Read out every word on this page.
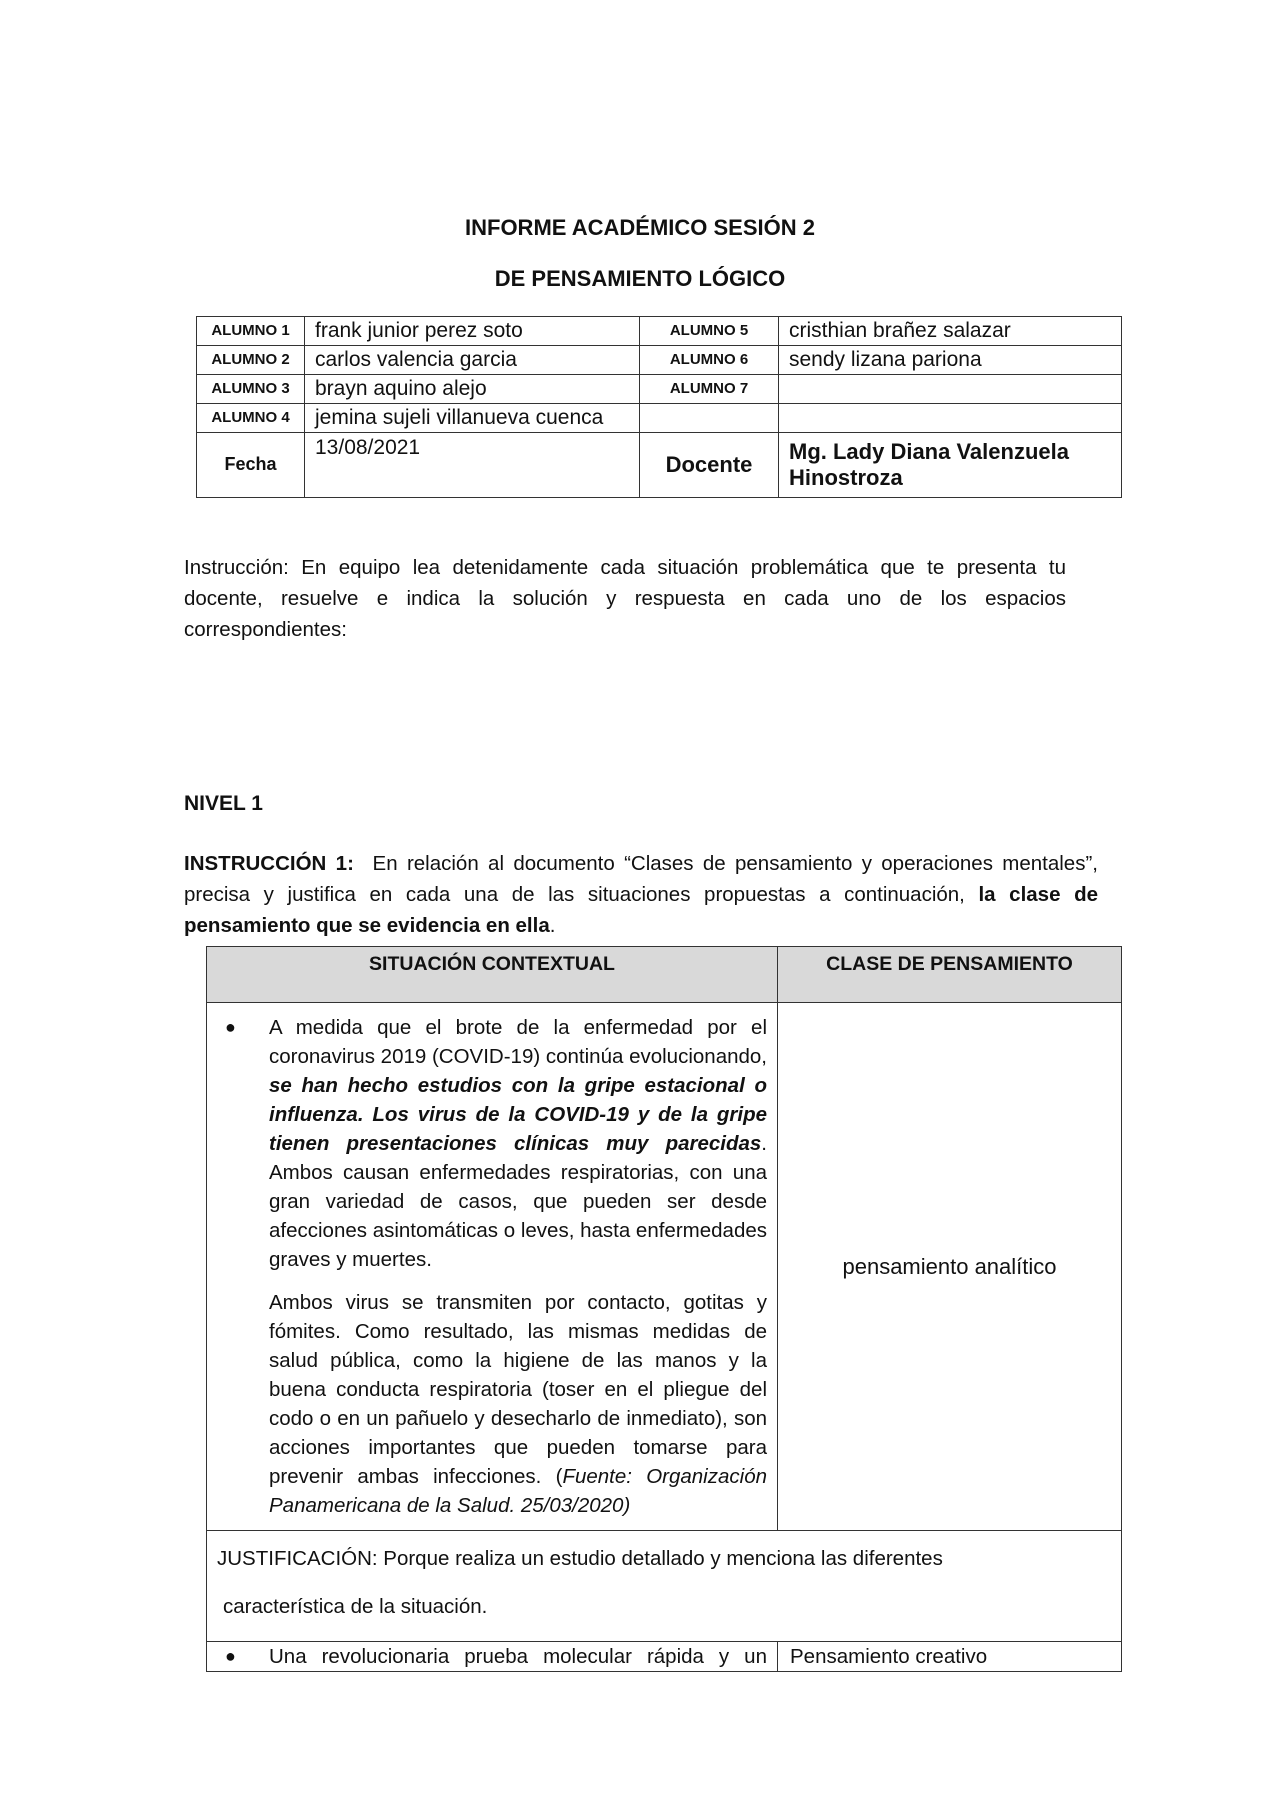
INFORME ACADÉMICO SESIÓN 2
DE PENSAMIENTO LÓGICO
ALUMNO 1	frank junior perez soto	ALUMNO 5	cristhian brañez salazar
ALUMNO 2	carlos valencia garcia	ALUMNO 6	sendy lizana pariona
ALUMNO 3	brayn aquino alejo	ALUMNO 7	
ALUMNO 4	jemina sujeli villanueva cuenca		
Fecha	13/08/2021	Docente	Mg. Lady Diana Valenzuela Hinostroza
Instrucción: En equipo lea detenidamente cada situación problemática que te presenta tu docente, resuelve e indica la solución y respuesta en cada uno de los espacios correspondientes:
NIVEL 1
INSTRUCCIÓN 1: En relación al documento “Clases de pensamiento y operaciones mentales”, precisa y justifica en cada una de las situaciones propuestas a continuación, la clase de pensamiento que se evidencia en ella.
SITUACIÓN CONTEXTUAL	CLASE DE PENSAMIENTO

● A medida que el brote de la enfermedad por el coronavirus 2019 (COVID-19) continúa evolucionando, se han hecho estudios con la gripe estacional o influenza. Los virus de la COVID-19 y de la gripe tienen presentaciones clínicas muy parecidas. Ambos causan enfermedades respiratorias, con una gran variedad de casos, que pueden ser desde afecciones asintomáticas o leves, hasta enfermedades graves y muertes.

Ambos virus se transmiten por contacto, gotitas y fómites. Como resultado, las mismas medidas de salud pública, como la higiene de las manos y la buena conducta respiratoria (toser en el pliegue del codo o en un pañuelo y desecharlo de inmediato), son acciones importantes que pueden tomarse para prevenir ambas infecciones. (Fuente: Organización Panamericana de la Salud. 25/03/2020)	pensamiento analítico

JUSTIFICACIÓN: Porque realiza un estudio detallado y menciona las diferentes
característica de la situación.	

● Una revolucionaria prueba molecular rápida y un	Pensamiento creativo
